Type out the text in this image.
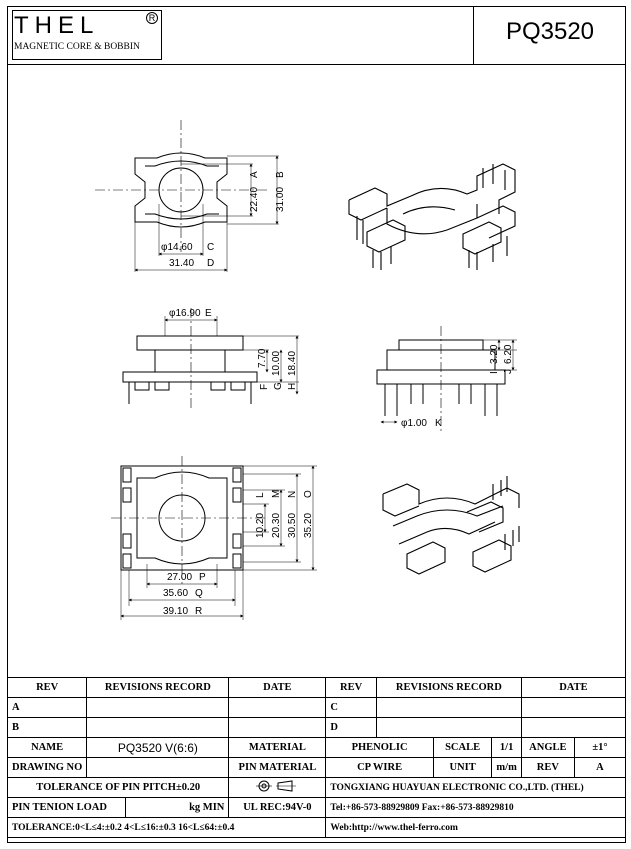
THEL	R
MAGNETIC CORE & BOBBIN
PQ3520
22.40
A
31.00
B
φ14.60 C
31.40 D
φ16.90 E
7.70
F
10.00
G
18.40
H
3.20
I
6.20
J
φ1.00 K
10.20
L
20.30
M
30.50
N
35.20
O
27.00 P
35.60 Q
39.10 R
REV	REVISIONS RECORD		DATE	REV	REVISIONS RECORD			DATE	
A				C					
B				D					
NAME	PQ3520 V(6:6)		MATERIAL	PHENOLIC		SCALE	1/1	ANGLE	±1°
DRAWING NO			PIN MATERIAL	CP WIRE		UNIT	m/m	REV	A
TOLERANCE OF PIN PITCH±0.20				TONGXIANG HUAYUAN ELECTRONIC CO.,LTD. (THEL)					
PIN TENION LOAD		kg MIN	UL REC:94V-0	Tel:+86-573-88929809 Fax:+86-573-88929810					
TOLERANCE:0<L≤4:±0.2 4<L≤16:±0.3 16<L≤64:±0.4				Web:http://www.thel-ferro.com					
